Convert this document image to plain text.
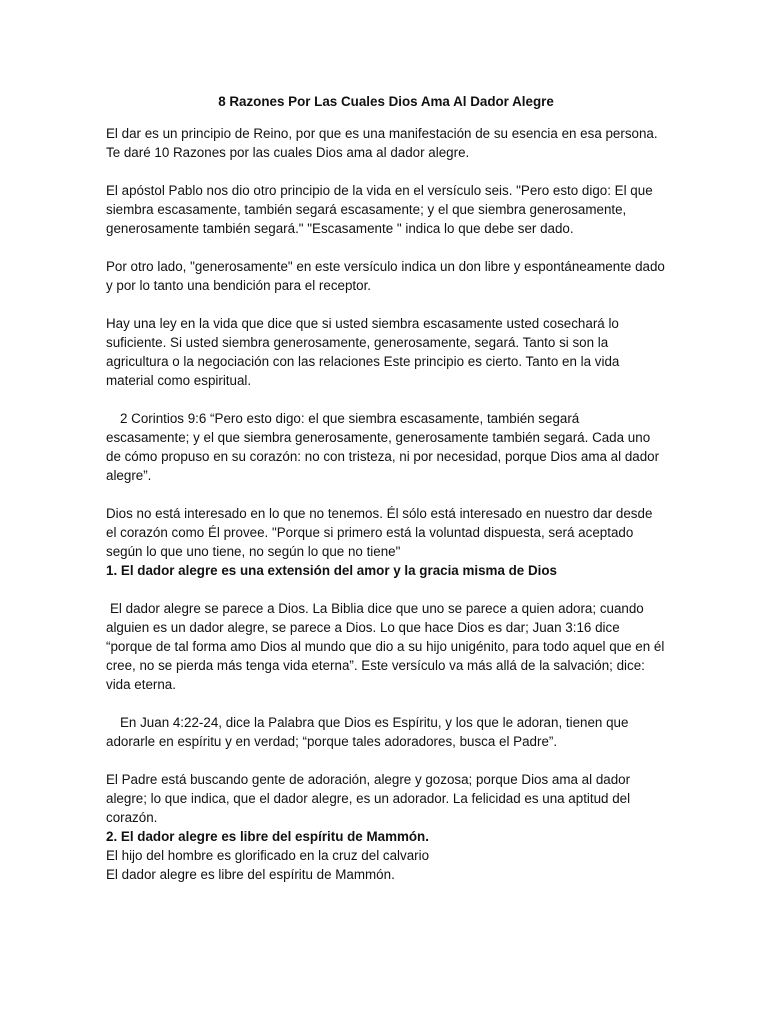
8 Razones Por Las Cuales Dios Ama Al Dador Alegre

El dar es un principio de Reino, por que es una manifestación de su esencia en esa persona. Te daré 10 Razones por las cuales Dios ama al dador alegre.

El apóstol Pablo nos dio otro principio de la vida en el versículo seis. "Pero esto digo: El que siembra escasamente, también segará escasamente; y el que siembra generosamente, generosamente también segará." "Escasamente " indica lo que debe ser dado.

Por otro lado, "generosamente" en este versículo indica un don libre y espontáneamente dado y por lo tanto una bendición para el receptor.

Hay una ley en la vida que dice que si usted siembra escasamente usted cosechará lo suficiente. Si usted siembra generosamente, generosamente, segará. Tanto si son la agricultura o la negociación con las relaciones Este principio es cierto. Tanto en la vida material como espiritual.

2 Corintios 9:6 “Pero esto digo: el que siembra escasamente, también segará escasamente; y el que siembra generosamente, generosamente también segará. Cada uno de cómo propuso en su corazón: no con tristeza, ni por necesidad, porque Dios ama al dador alegre”.

Dios no está interesado en lo que no tenemos. Él sólo está interesado en nuestro dar desde el corazón como Él provee. "Porque si primero está la voluntad dispuesta, será aceptado según lo que uno tiene, no según lo que no tiene"

1. El dador alegre es una extensión del amor y la gracia misma de Dios

El dador alegre se parece a Dios. La Biblia dice que uno se parece a quien adora; cuando alguien es un dador alegre, se parece a Dios. Lo que hace Dios es dar; Juan 3:16 dice “porque de tal forma amo Dios al mundo que dio a su hijo unigénito, para todo aquel que en él cree, no se pierda más tenga vida eterna”. Este versículo va más allá de la salvación; dice: vida eterna.

En Juan 4:22-24, dice la Palabra que Dios es Espíritu, y los que le adoran, tienen que adorarle en espíritu y en verdad; “porque tales adoradores, busca el Padre”.

El Padre está buscando gente de adoración, alegre y gozosa; porque Dios ama al dador alegre; lo que indica, que el dador alegre, es un adorador. La felicidad es una aptitud del corazón.

2. El dador alegre es libre del espíritu de Mammón.

El hijo del hombre es glorificado en la cruz del calvario

El dador alegre es libre del espíritu de Mammón.
